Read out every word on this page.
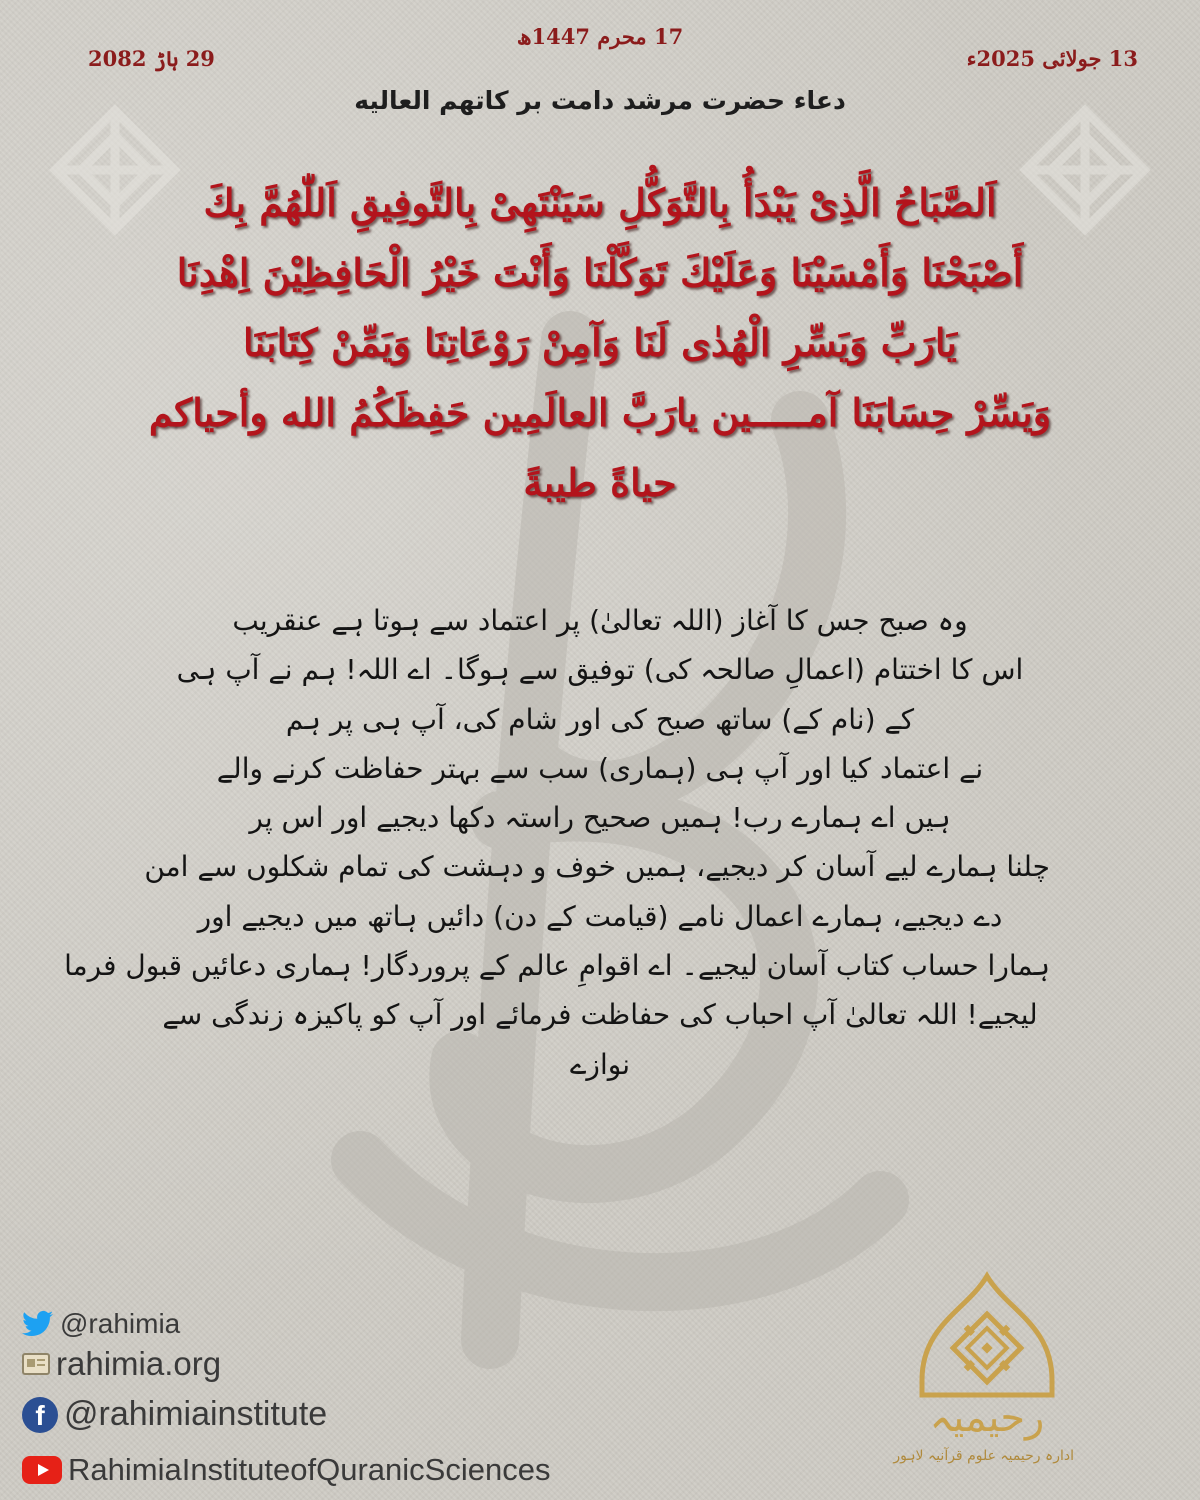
17 محرم 1447ھ
13 جولائی 2025ء
29 ہاڑ 2082
دعاء حضرت مرشد دامت بر کاتهم العاليه
اَلصَّبَاحُ الَّذِیْ یَبْدَأُ بِالتَّوَکُّلِ سَیَنْتَهِیْ بِالتَّوفِیقِ اَللّٰهُمَّ بِكَ
أَصْبَحْنَا وَأَمْسَيْنَا وَعَلَيْكَ تَوَكَّلْنَا وَأَنْتَ خَيْرُ الْحَافِظِيْنَ اِهْدِنَا
يَارَبِّ وَيَسِّرِ الْهُدٰى لَنَا وَآمِنْ رَوْعَاتِنَا وَيَمِّنْ كِتَابَنَا
وَيَسِّرْ حِسَابَنَا آمـــــين يارَبَّ العالَمِين حَفِظَكُمُ الله وأحياكم
حياةً طيبةً
وہ صبح جس کا آغاز (اللہ تعالیٰ) پر اعتماد سے ہوتا ہے عنقریب
اس کا اختتام (اعمالِ صالحہ کی) توفیق سے ہوگا۔ اے اللہ! ہم نے آپ ہی
کے (نام کے) ساتھ صبح کی اور شام کی، آپ ہی پر ہم
نے اعتماد کیا اور آپ ہی (ہماری) سب سے بہتر حفاظت کرنے والے
ہیں اے ہمارے رب! ہمیں صحیح راستہ دکھا دیجیے اور اس پر
چلنا ہمارے لیے آسان کر دیجیے، ہمیں خوف و دہشت کی تمام شکلوں سے امن
دے دیجیے، ہمارے اعمال نامے (قیامت کے دن) دائیں ہاتھ میں دیجیے اور
ہمارا حساب کتاب آسان لیجیے۔ اے اقوامِ عالم کے پروردگار! ہماری دعائیں قبول فرما
لیجیے! اللہ تعالیٰ آپ احباب کی حفاظت فرمائے اور آپ کو پاکیزہ زندگی سے
نوازے
@rahimia
rahimia.org
f @rahimiainstitute
RahimiaInstituteofQuranicSciences
رحیمیہ
ادارہ رحیمیہ علوم قرآنیہ لاہور
